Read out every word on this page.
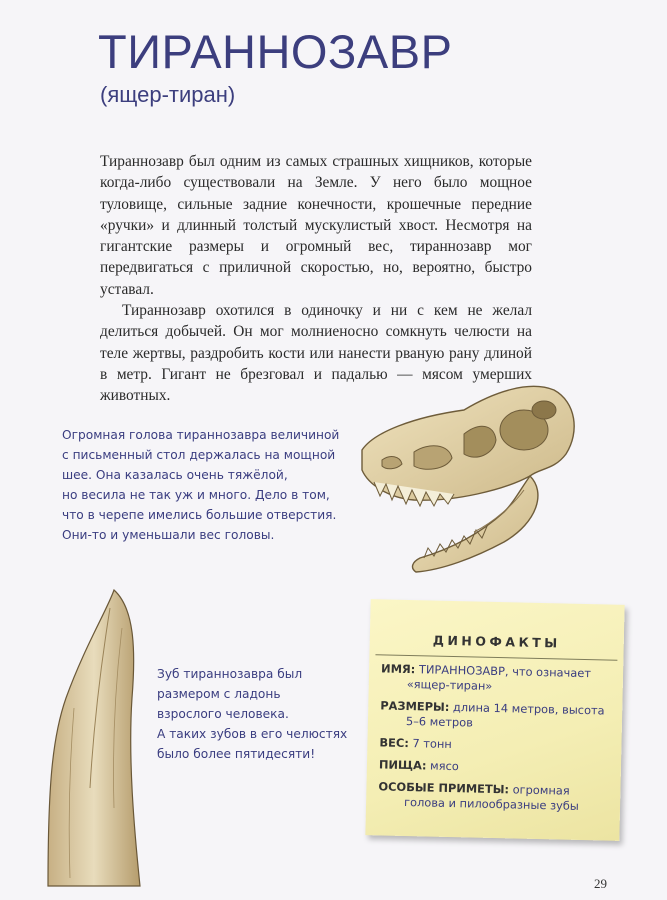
ТИРАННОЗАВР
(ящер-тиран)

Тираннозавр был одним из самых страшных хищников, которые когда-либо существовали на Земле. У него было мощное туловище, сильные задние конечности, крошечные передние «ручки» и длинный толстый мускулистый хвост. Несмотря на гигантские размеры и огромный вес, тираннозавр мог передвигаться с приличной скоростью, но, вероятно, быстро уставал.

Тираннозавр охотился в одиночку и ни с кем не желал делиться добычей. Он мог молниеносно сомкнуть челюсти на теле жертвы, раздробить кости или нанести рваную рану длиной в метр. Гигант не брезговал и падалью — мясом умерших животных.

Огромная голова тираннозавра величиной
с письменный стол держалась на мощной
шее. Она казалась очень тяжёлой,
но весила не так уж и много. Дело в том,
что в черепе имелись большие отверстия.
Они-то и уменьшали вес головы.
Зуб тираннозавра был
размером с ладонь
взрослого человека.
А таких зубов в его челюстях
было более пятидесяти!
ДИНОФАКТЫ
ИМЯ: ТИРАННОЗАВР, что означает
«ящер-тиран»
РАЗМЕРЫ: длина 14 метров, высота
5–6 метров
ВЕС: 7 тонн
ПИЩА: мясо
ОСОБЫЕ ПРИМЕТЫ: огромная
голова и пилообразные зубы
29
